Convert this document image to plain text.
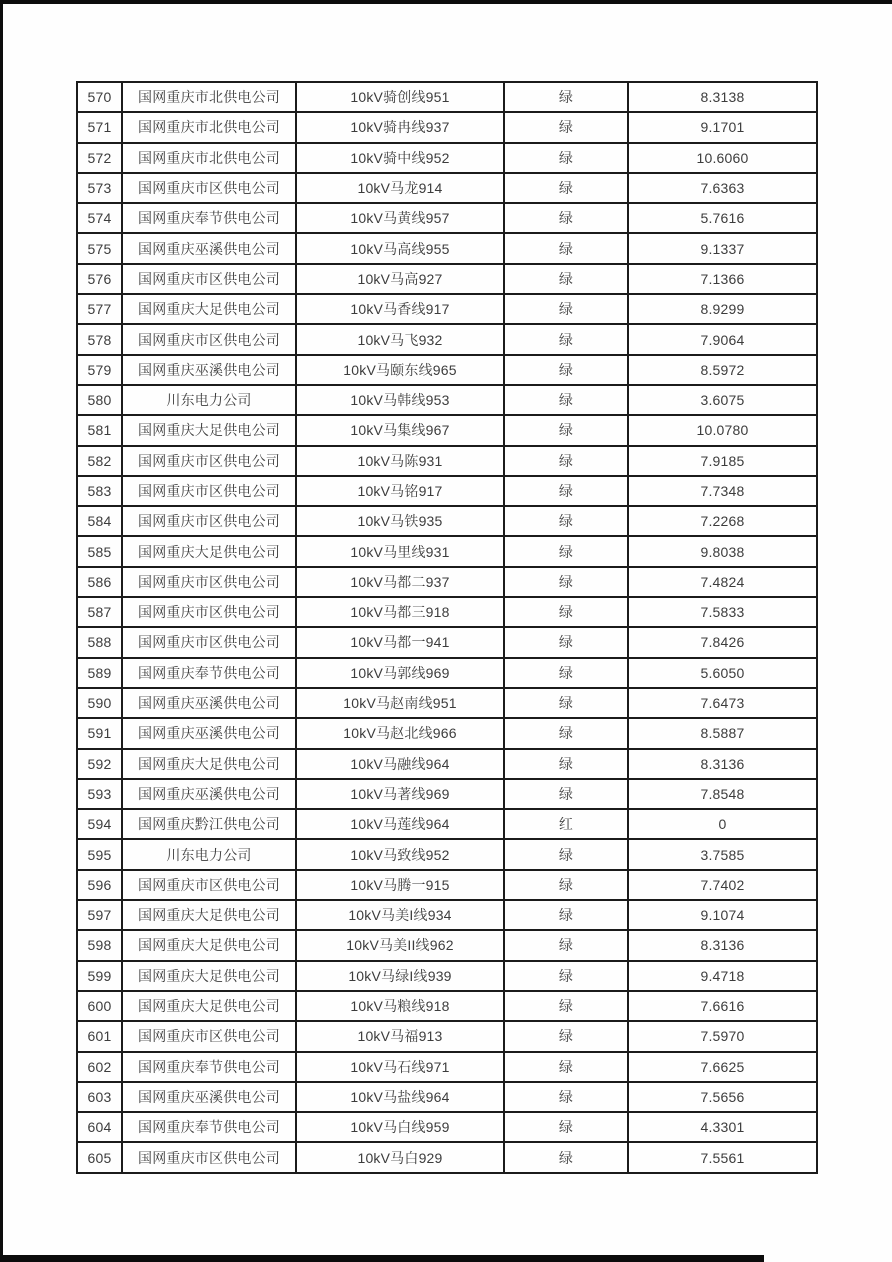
570	国网重庆市北供电公司	10kV骑创线951	绿	8.3138
571	国网重庆市北供电公司	10kV骑冉线937	绿	9.1701
572	国网重庆市北供电公司	10kV骑中线952	绿	10.6060
573	国网重庆市区供电公司	10kV马龙914	绿	7.6363
574	国网重庆奉节供电公司	10kV马黄线957	绿	5.7616
575	国网重庆巫溪供电公司	10kV马高线955	绿	9.1337
576	国网重庆市区供电公司	10kV马高927	绿	7.1366
577	国网重庆大足供电公司	10kV马香线917	绿	8.9299
578	国网重庆市区供电公司	10kV马飞932	绿	7.9064
579	国网重庆巫溪供电公司	10kV马颐东线965	绿	8.5972
580	川东电力公司	10kV马韩线953	绿	3.6075
581	国网重庆大足供电公司	10kV马集线967	绿	10.0780
582	国网重庆市区供电公司	10kV马陈931	绿	7.9185
583	国网重庆市区供电公司	10kV马铭917	绿	7.7348
584	国网重庆市区供电公司	10kV马铁935	绿	7.2268
585	国网重庆大足供电公司	10kV马里线931	绿	9.8038
586	国网重庆市区供电公司	10kV马都二937	绿	7.4824
587	国网重庆市区供电公司	10kV马都三918	绿	7.5833
588	国网重庆市区供电公司	10kV马都一941	绿	7.8426
589	国网重庆奉节供电公司	10kV马郭线969	绿	5.6050
590	国网重庆巫溪供电公司	10kV马赵南线951	绿	7.6473
591	国网重庆巫溪供电公司	10kV马赵北线966	绿	8.5887
592	国网重庆大足供电公司	10kV马融线964	绿	8.3136
593	国网重庆巫溪供电公司	10kV马著线969	绿	7.8548
594	国网重庆黔江供电公司	10kV马莲线964	红	0
595	川东电力公司	10kV马致线952	绿	3.7585
596	国网重庆市区供电公司	10kV马腾一915	绿	7.7402
597	国网重庆大足供电公司	10kV马美I线934	绿	9.1074
598	国网重庆大足供电公司	10kV马美II线962	绿	8.3136
599	国网重庆大足供电公司	10kV马绿I线939	绿	9.4718
600	国网重庆大足供电公司	10kV马粮线918	绿	7.6616
601	国网重庆市区供电公司	10kV马福913	绿	7.5970
602	国网重庆奉节供电公司	10kV马石线971	绿	7.6625
603	国网重庆巫溪供电公司	10kV马盐线964	绿	7.5656
604	国网重庆奉节供电公司	10kV马白线959	绿	4.3301
605	国网重庆市区供电公司	10kV马白929	绿	7.5561
